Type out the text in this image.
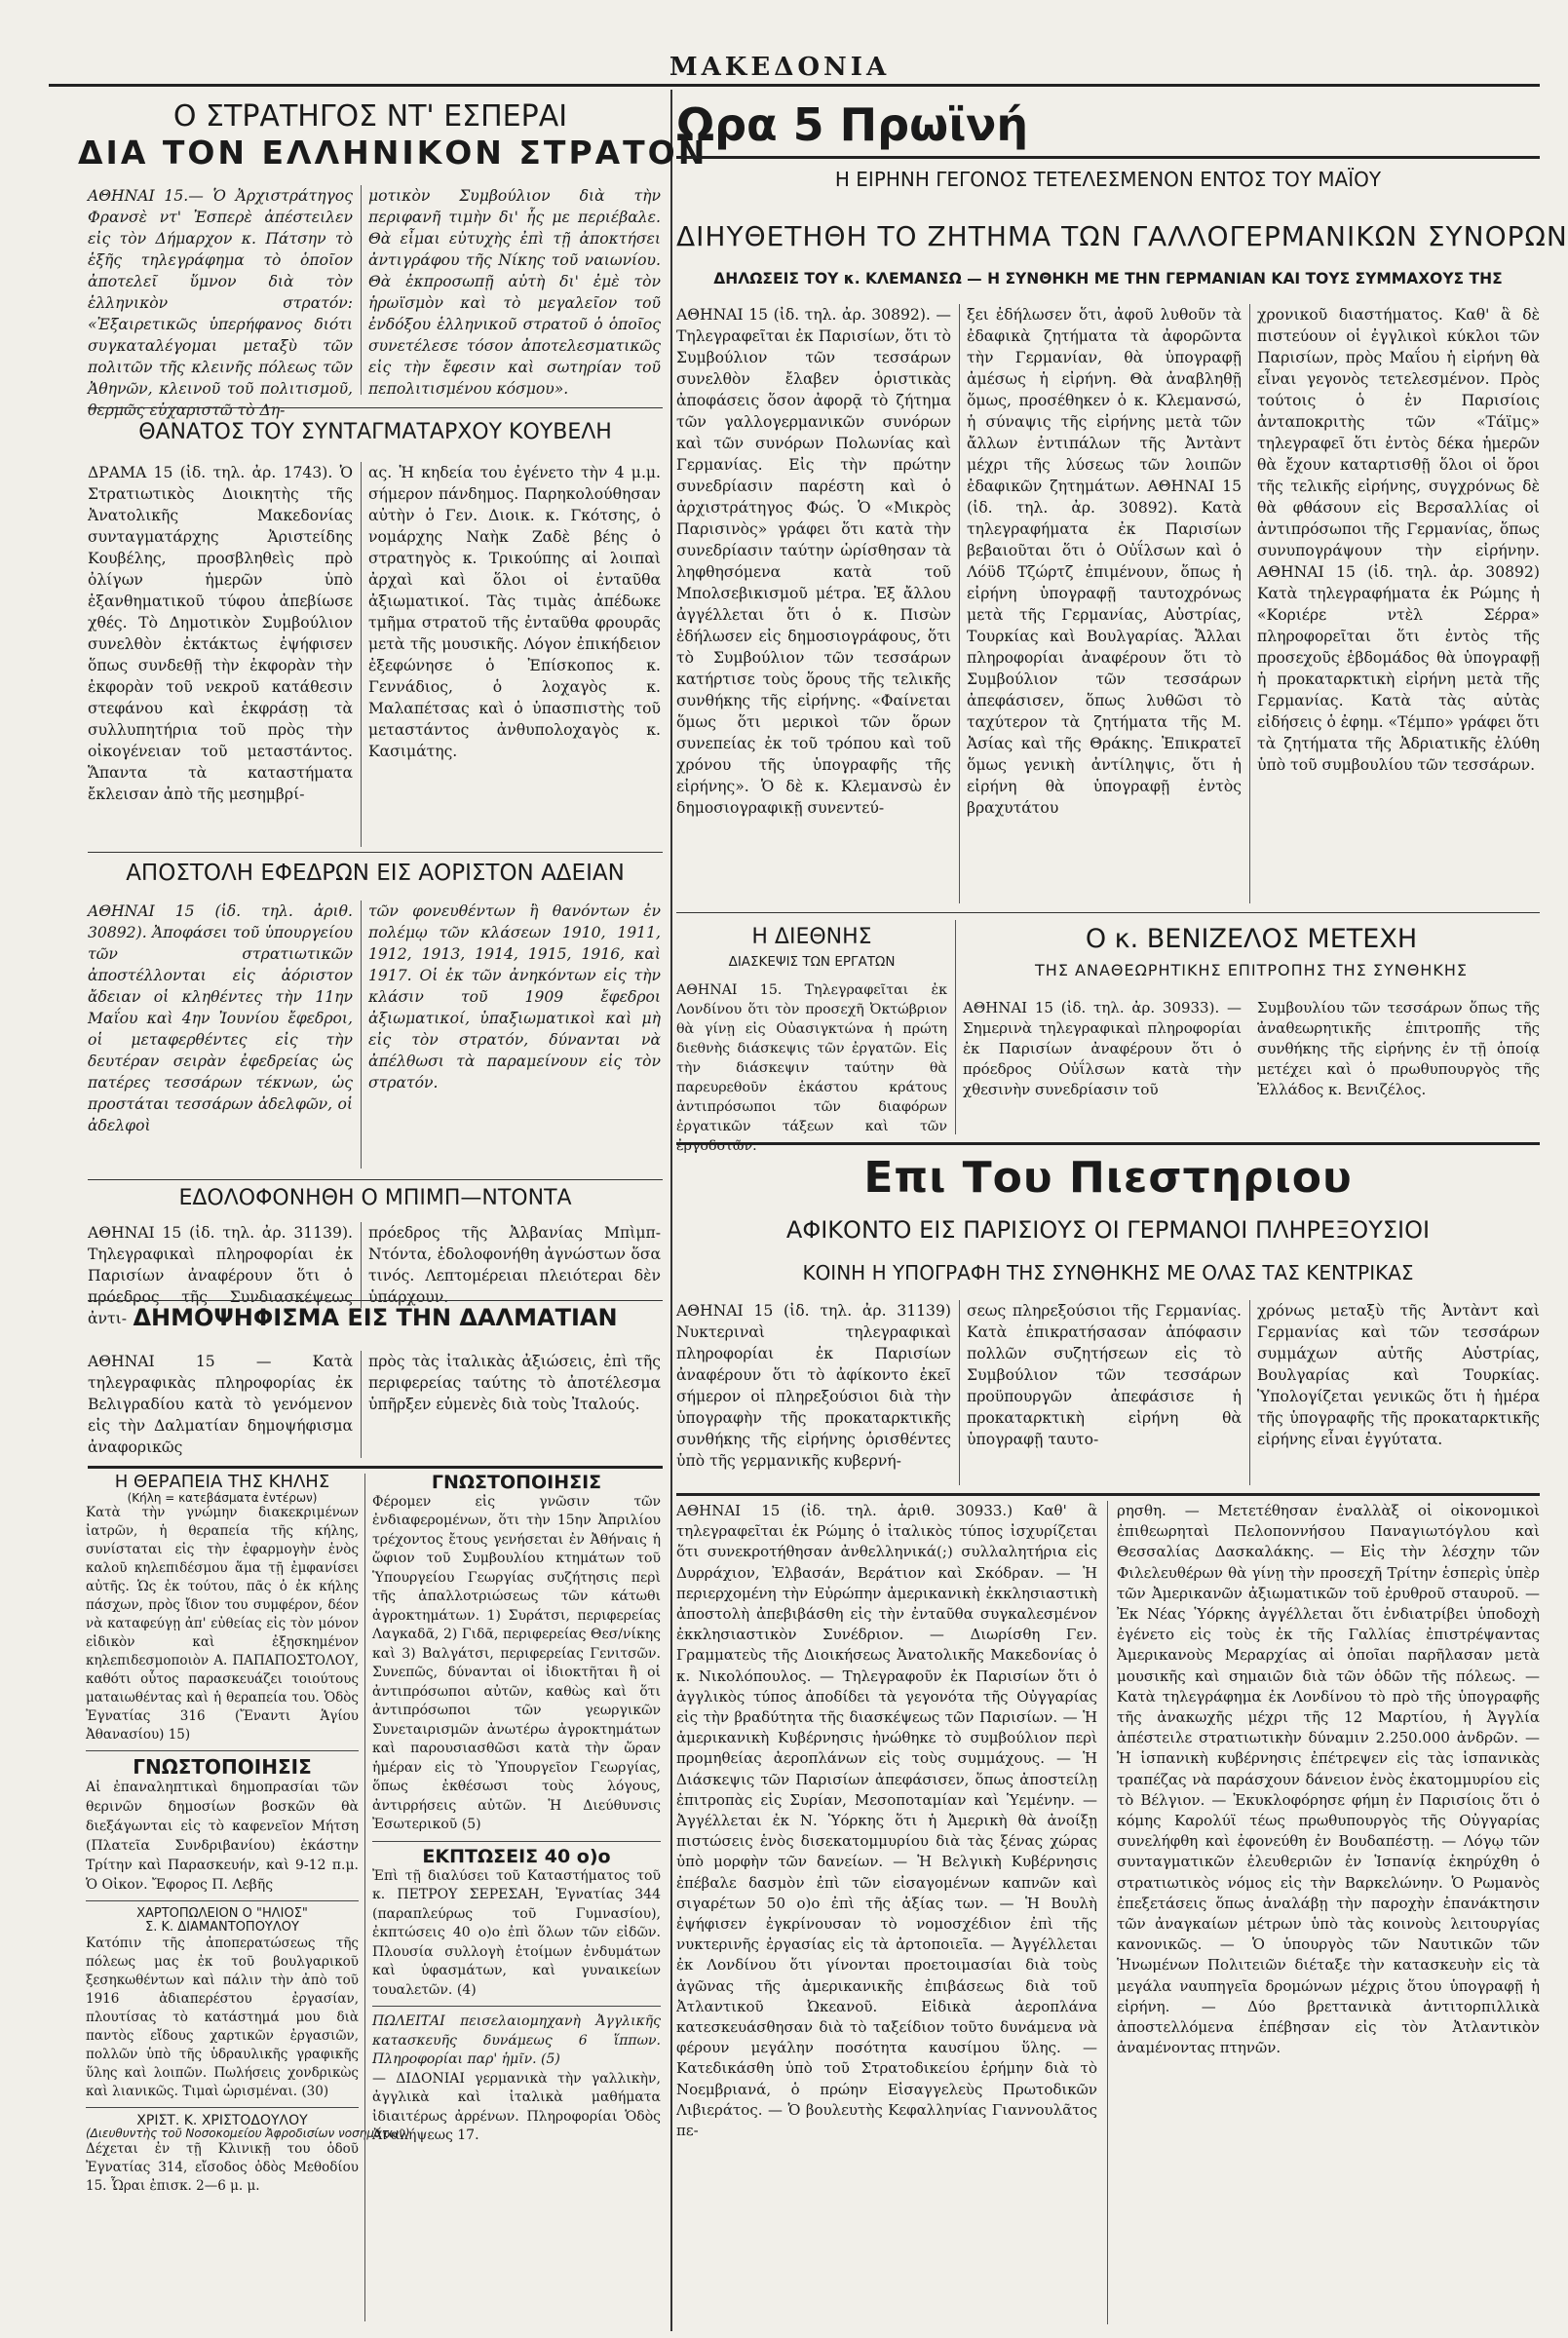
ΜΑΚΕΔΟΝΙΑ
Ο ΣΤΡΑΤΗΓΟΣ ΝΤ' ΕΣΠΕΡΑΙ
ΔΙΑ ΤΟΝ ΕΛΛΗΝΙΚΟΝ ΣΤΡΑΤΟΝ
ΑΘΗΝΑΙ 15.— Ὁ Ἀρχιστράτηγος Φρανσὲ ντ' Ἐσπερὲ ἀπέστειλεν εἰς τὸν Δήμαρχον κ. Πάτσην τὸ ἑξῆς τηλεγράφημα τὸ ὁποῖον ἀποτελεῖ ὕμνον διὰ τὸν ἑλληνικὸν στρατόν: «Ἐξαιρετικῶς ὑπερήφανος διότι συγκαταλέγομαι μεταξὺ τῶν πολιτῶν τῆς κλεινῆς πόλεως τῶν Ἀθηνῶν, κλεινοῦ τοῦ πολιτισμοῦ, θερμῶς εὐχαριστῶ τὸ Δη-
μοτικὸν Συμβούλιον διὰ τὴν περιφανῆ τιμὴν δι' ἧς με περιέβαλε. Θὰ εἶμαι εὐτυχὴς ἐπὶ τῇ ἀποκτήσει ἀντιγράφου τῆς Νίκης τοῦ ναιωνίου. Θὰ ἐκπροσωπῇ αὐτὴ δι' ἐμὲ τὸν ἡρωϊσμὸν καὶ τὸ μεγαλεῖον τοῦ ἐνδόξου ἑλληνικοῦ στρατοῦ ὁ ὁποῖος συνετέλεσε τόσον ἀποτελεσματικῶς εἰς τὴν ἔφεσιν καὶ σωτηρίαν τοῦ πεπολιτισμένου κόσμου».
ΘΑΝΑΤΟΣ ΤΟΥ ΣΥΝΤΑΓΜΑΤΑΡΧΟΥ ΚΟΥΒΕΛΗ
ΔΡΑΜΑ 15 (ἰδ. τηλ. ἀρ. 1743). Ὁ Στρατιωτικὸς Διοικητὴς τῆς Ἀνατολικῆς Μακεδονίας συνταγματάρχης Ἀριστείδης Κουβέλης, προσβληθεὶς πρὸ ὀλίγων ἡμερῶν ὑπὸ ἐξανθηματικοῦ τύφου ἀπεβίωσε χθές. Τὸ Δημοτικὸν Συμβούλιον συνελθὸν ἐκτάκτως ἐψήφισεν ὅπως συνδεθῇ τὴν ἐκφορὰν τὴν ἐκφορὰν τοῦ νεκροῦ κατάθεσιν στεφάνου καὶ ἐκφράσῃ τὰ συλλυπητήρια τοῦ πρὸς τὴν οἰκογένειαν τοῦ μεταστάντος. Ἅπαντα τὰ καταστήματα ἔκλεισαν ἀπὸ τῆς μεσημβρί-
ας. Ἡ κηδεία του ἐγένετο τὴν 4 μ.μ. σήμερον πάνδημος. Παρηκολούθησαν αὐτὴν ὁ Γεν. Διοικ. κ. Γκότσης, ὁ νομάρχης Ναὴκ Ζαδὲ βέης ὁ στρατηγὸς κ. Τρικούπης αἱ λοιπαὶ ἀρχαὶ καὶ ὅλοι οἱ ἐνταῦθα ἀξιωματικοί. Τὰς τιμὰς ἀπέδωκε τμῆμα στρατοῦ τῆς ἐνταῦθα φρουρᾶς μετὰ τῆς μουσικῆς. Λόγον ἐπικήδειον ἐξεφώνησε ὁ Ἐπίσκοπος κ. Γεννάδιος, ὁ λοχαγὸς κ. Μαλαπέτσας καὶ ὁ ὑπασπιστὴς τοῦ μεταστάντος ἀνθυπολοχαγὸς κ. Κασιμάτης.
ΑΠΟΣΤΟΛΗ ΕΦΕΔΡΩΝ ΕΙΣ ΑΟΡΙΣΤΟΝ ΑΔΕΙΑΝ
ΑΘΗΝΑΙ 15 (ἰδ. τηλ. ἀριθ. 30892). Ἀποφάσει τοῦ ὑπουργείου τῶν στρατιωτικῶν ἀποστέλλονται εἰς ἀόριστον ἄδειαν οἱ κληθέντες τὴν 11ην Μαΐου καὶ 4ην Ἰουνίου ἔφεδροι, οἱ μεταφερθέντες εἰς τὴν δευτέραν σειρὰν ἐφεδρείας ὡς πατέρες τεσσάρων τέκνων, ὡς προστάται τεσσάρων ἀδελφῶν, οἱ ἀδελφοὶ
τῶν φονευθέντων ἢ θανόντων ἐν πολέμῳ τῶν κλάσεων 1910, 1911, 1912, 1913, 1914, 1915, 1916, καὶ 1917. Οἱ ἐκ τῶν ἀνηκόντων εἰς τὴν κλάσιν τοῦ 1909 ἔφεδροι ἀξιωματικοί, ὑπαξιωματικοὶ καὶ μὴ εἰς τὸν στρατόν, δύνανται νὰ ἀπέλθωσι τὰ παραμείνουν εἰς τὸν στρατόν.
ΕΔΟΛΟΦΟΝΗΘΗ Ο ΜΠΙΜΠ—ΝΤΟΝΤΑ
ΑΘΗΝΑΙ 15 (ἰδ. τηλ. ἀρ. 31139). Τηλεγραφικαὶ πληροφορίαι ἐκ Παρισίων ἀναφέρουν ὅτι ὁ πρόεδρος τῆς Συνδιασκέψεως ἀντι-
πρόεδρος τῆς Ἀλβανίας Μπὶμπ-Ντόντα, ἐδολοφονήθη ἀγνώστων ὅσα τινός. Λεπτομέρειαι πλειότεραι δὲν ὑπάρχουν.
ΔΗΜΟΨΗΦΙΣΜΑ ΕΙΣ ΤΗΝ ΔΑΛΜΑΤΙΑΝ
ΑΘΗΝΑΙ 15 — Κατὰ τηλεγραφικὰς πληροφορίας ἐκ Βελιγραδίου κατὰ τὸ γενόμενον εἰς τὴν Δαλματίαν δημοψήφισμα ἀναφορικῶς
πρὸς τὰς ἰταλικὰς ἀξιώσεις, ἐπὶ τῆς περιφερείας ταύτης τὸ ἀποτέλεσμα ὑπῆρξεν εὐμενὲς διὰ τοὺς Ἰταλούς.
Η ΘΕΡΑΠΕΙΑ ΤΗΣ ΚΗΛΗΣ
(Κήλη = κατεβάσματα ἐντέρων)
Κατὰ τὴν γνώμην διακεκριμένων ἰατρῶν, ἡ θεραπεία τῆς κήλης, συνίσταται εἰς τὴν ἐφαρμογὴν ἑνὸς καλοῦ κηλεπιδέσμου ἅμα τῇ ἐμφανίσει αὐτῆς. Ὡς ἐκ τούτου, πᾶς ὁ ἐκ κήλης πάσχων, πρὸς ἴδιον του συμφέρον, δέον νὰ καταφεύγῃ ἀπ' εὐθείας εἰς τὸν μόνον εἰδικὸν καὶ ἐξησκημένον κηλεπιδεσμοποιὸν Α. ΠΑΠΑΠΟΣΤΟΛΟΥ, καθότι οὗτος παρασκευάζει τοιούτους ματαιωθέντας καὶ ἡ θεραπεία του. Ὁδὸς Ἐγνατίας 316 (Ἔναντι Ἁγίου Ἀθανασίου) 15)
ΓΝΩΣΤΟΠΟΙΗΣΙΣ
Αἱ ἐπαναληπτικαὶ δημοπρασίαι τῶν θερινῶν δημοσίων βοσκῶν θὰ διεξάγωνται εἰς τὸ καφενεῖον Μήτση (Πλατεῖα Συνδριβανίου) ἐκάστην Τρίτην καὶ Παρασκευήν, καὶ 9-12 π.μ. Ὁ Οἰκον. Ἔφορος Π. Λεβῆς
ΧΑΡΤΟΠΩΛΕΙΟΝ Ο "ΗΛΙΟΣ"
Σ. Κ. ΔΙΑΜΑΝΤΟΠΟΥΛΟΥ
Κατόπιν τῆς ἀποπερατώσεως τῆς πόλεως μας ἐκ τοῦ βουλγαρικοῦ ξεσηκωθέντων καὶ πάλιν τὴν ἀπὸ τοῦ 1916 ἀδιαπερέστου ἐργασίαν, πλουτίσας τὸ κατάστημά μου διὰ παντὸς εἴδους χαρτικῶν ἐργασιῶν, πολλῶν ὑπὸ τῆς ὑδραυλικῆς γραφικῆς ὕλης καὶ λοιπῶν. Πωλήσεις χονδρικὼς καὶ λιανικῶς. Τιμαὶ ὡρισμέναι. (30)
ΧΡΙΣΤ. Κ. ΧΡΙΣΤΟΔΟΥΛΟΥ
(Διευθυντὴς τοῦ Νοσοκομείου Ἀφροδισίων νοσημάτων)
Δέχεται ἐν τῇ Κλινικῇ του ὁδοῦ Ἐγνατίας 314, εἴσοδος ὁδὸς Μεθοδίου 15. Ὧραι ἐπισκ. 2—6 μ. μ.
ΓΝΩΣΤΟΠΟΙΗΣΙΣ
Φέρομεν εἰς γνῶσιν τῶν ἐνδιαφερομένων, ὅτι τὴν 15ην Ἀπριλίου τρέχοντος ἔτους γενήσεται ἐν Ἀθήναις ἡ ὥφιον τοῦ Συμβουλίου κτημάτων τοῦ Ὑπουργείου Γεωργίας συζήτησις περὶ τῆς ἀπαλλοτριώσεως τῶν κάτωθι ἀγροκτημάτων. 1) Συράτσι, περιφερείας Λαγκαδᾶ, 2) Γιδᾶ, περιφερείας Θεσ/νίκης καὶ 3) Βαλγάτσι, περιφερείας Γενιτσῶν. Συνεπῶς, δύνανται οἱ ἰδιοκτῆται ἢ οἱ ἀντιπρόσωποι αὐτῶν, καθὼς καὶ ὅτι ἀντιπρόσωποι τῶν γεωργικῶν Συνεταιρισμῶν ἀνωτέρω ἀγροκτημάτων καὶ παρουσιασθῶσι κατὰ τὴν ὥραν ἡμέραν εἰς τὸ Ὑπουργεῖον Γεωργίας, ὅπως ἐκθέσωσι τοὺς λόγους, ἀντιρρήσεις αὐτῶν. Ἡ Διεύθυνσις Ἐσωτερικοῦ (5)
ΕΚΠΤΩΣΕΙΣ 40 ο)ο
Ἐπὶ τῇ διαλύσει τοῦ Καταστήματος τοῦ κ. ΠΕΤΡΟΥ ΣΕΡΕΣΑΗ, Ἐγνατίας 344 (παραπλεύρως τοῦ Γυμνασίου), ἐκπτώσεις 40 ο)ο ἐπὶ ὅλων τῶν εἰδῶν. Πλουσία συλλογὴ ἑτοίμων ἐνδυμάτων καὶ ὑφασμάτων, καὶ γυναικείων τουαλετῶν. (4)
ΠΩΛΕΙΤΑΙ πεισελαιομηχανὴ Ἀγγλικῆς κατασκευῆς δυνάμεως 6 ἵππων. Πληροφορίαι παρ' ἡμῖν. (5)
— ΔΙΔΟΝΙΑΙ γερμανικὰ τὴν γαλλικὴν, ἀγγλικὰ καὶ ἰταλικὰ μαθήματα ἰδιαιτέρως ἀρρένων. Πληροφορίαι Ὁδὸς Ἀναλήψεως 17.
Ωρα 5 Πρωϊνή
Η ΕΙΡΗΝΗ ΓΕΓΟΝΟΣ ΤΕΤΕΛΕΣΜΕΝΟΝ ΕΝΤΟΣ ΤΟΥ ΜΑΪΟΥ
ΔΙΗΥΘΕΤΗΘΗ ΤΟ ΖΗΤΗΜΑ ΤΩΝ ΓΑΛΛΟΓΕΡΜΑΝΙΚΩΝ ΣΥΝΟΡΩΝ
ΔΗΛΩΣΕΙΣ ΤΟΥ κ. ΚΛΕΜΑΝΣΩ — Η ΣΥΝΘΗΚΗ ΜΕ ΤΗΝ ΓΕΡΜΑΝΙΑΝ ΚΑΙ ΤΟΥΣ ΣΥΜΜΑΧΟΥΣ ΤΗΣ
ΑΘΗΝΑΙ 15 (ἰδ. τηλ. ἀρ. 30892). — Τηλεγραφεῖται ἐκ Παρισίων, ὅτι τὸ Συμβούλιον τῶν τεσσάρων συνελθὸν ἔλαβεν ὁριστικὰς ἀποφάσεις ὅσον ἀφορᾷ τὸ ζήτημα τῶν γαλλογερμανικῶν συνόρων καὶ τῶν συνόρων Πολωνίας καὶ Γερμανίας. Εἰς τὴν πρώτην συνεδρίασιν παρέστη καὶ ὁ ἀρχιστράτηγος Φώς. Ὁ «Μικρὸς Παρισινὸς» γράφει ὅτι κατὰ τὴν συνεδρίασιν ταύτην ὡρίσθησαν τὰ ληφθησόμενα κατὰ τοῦ Μπολσεβικισμοῦ μέτρα. Ἐξ ἄλλου ἀγγέλλεται ὅτι ὁ κ. Πισὼν ἐδήλωσεν εἰς δημοσιογράφους, ὅτι τὸ Συμβούλιον τῶν τεσσάρων κατήρτισε τοὺς ὅρους τῆς τελικῆς συνθήκης τῆς εἰρήνης. «Φαίνεται ὅμως ὅτι μερικοὶ τῶν ὅρων συνεπείας ἐκ τοῦ τρόπου καὶ τοῦ χρόνου τῆς ὑπογραφῆς τῆς εἰρήνης». Ὁ δὲ κ. Κλεμανσὼ ἐν δημοσιογραφικῇ συνεντεύ-
ξει ἐδήλωσεν ὅτι, ἀφοῦ λυθοῦν τὰ ἐδαφικὰ ζητήματα τὰ ἀφορῶντα τὴν Γερμανίαν, θὰ ὑπογραφῇ ἀμέσως ἡ εἰρήνη. Θὰ ἀναβληθῇ ὅμως, προσέθηκεν ὁ κ. Κλεμανσώ, ἡ σύναψις τῆς εἰρήνης μετὰ τῶν ἄλλων ἐντιπάλων τῆς Ἀντὰντ μέχρι τῆς λύσεως τῶν λοιπῶν ἐδαφικῶν ζητημάτων. ΑΘΗΝΑΙ 15 (ἰδ. τηλ. ἀρ. 30892). Κατὰ τηλεγραφήματα ἐκ Παρισίων βεβαιοῦται ὅτι ὁ Οὐΐλσων καὶ ὁ Λόϋδ Τζώρτζ ἐπιμένουν, ὅπως ἡ εἰρήνη ὑπογραφῇ ταυτοχρόνως μετὰ τῆς Γερμανίας, Αὐστρίας, Τουρκίας καὶ Βουλγαρίας. Ἄλλαι πληροφορίαι ἀναφέρουν ὅτι τὸ Συμβούλιον τῶν τεσσάρων ἀπεφάσισεν, ὅπως λυθῶσι τὸ ταχύτερον τὰ ζητήματα τῆς Μ. Ἀσίας καὶ τῆς Θράκης. Ἐπικρατεῖ ὅμως γενικὴ ἀντίληψις, ὅτι ἡ εἰρήνη θὰ ὑπογραφῇ ἐντὸς βραχυτάτου
χρονικοῦ διαστήματος. Καθ' ἃ δὲ πιστεύουν οἱ ἐγγλικοὶ κύκλοι τῶν Παρισίων, πρὸς Μαΐου ἡ εἰρήνη θὰ εἶναι γεγονὸς τετελεσμένον. Πρὸς τούτοις ὁ ἐν Παρισίοις ἀνταποκριτὴς τῶν «Τάϊμς» τηλεγραφεῖ ὅτι ἐντὸς δέκα ἡμερῶν θὰ ἔχουν καταρτισθῇ ὅλοι οἱ ὅροι τῆς τελικῆς εἰρήνης, συγχρόνως δὲ θὰ φθάσουν εἰς Βερσαλλίας οἱ ἀντιπρόσωποι τῆς Γερμανίας, ὅπως συνυπογράψουν τὴν εἰρήνην. ΑΘΗΝΑΙ 15 (ἰδ. τηλ. ἀρ. 30892) Κατὰ τηλεγραφήματα ἐκ Ρώμης ἡ «Κοριέρε ντὲλ Σέρρα» πληροφορεῖται ὅτι ἐντὸς τῆς προσεχοῦς ἑβδομάδος θὰ ὑπογραφῇ ἡ προκαταρκτικὴ εἰρήνη μετὰ τῆς Γερμανίας. Κατὰ τὰς αὐτὰς εἰδήσεις ὁ ἐφημ. «Τέμπο» γράφει ὅτι τὰ ζητήματα τῆς Ἀδριατικῆς ἐλύθη ὑπὸ τοῦ συμβουλίου τῶν τεσσάρων.
Η ΔΙΕΘΝΗΣ
ΔΙΑΣΚΕΨΙΣ ΤΩΝ ΕΡΓΑΤΩΝ
ΑΘΗΝΑΙ 15. Τηλεγραφεῖται ἐκ Λονδίνου ὅτι τὸν προσεχῆ Ὀκτώβριον θὰ γίνῃ εἰς Οὐασιγκτώνα ἡ πρώτη διεθνὴς διάσκεψις τῶν ἐργατῶν. Εἰς τὴν διάσκεψιν ταύτην θὰ παρευρεθοῦν ἑκάστου κράτους ἀντιπρόσωποι τῶν διαφόρων ἐργατικῶν τάξεων καὶ τῶν ἐργοδοτῶν.
Ο κ. ΒΕΝΙΖΕΛΟΣ ΜΕΤΕΧΗ
ΤΗΣ ΑΝΑΘΕΩΡΗΤΙΚΗΣ ΕΠΙΤΡΟΠΗΣ ΤΗΣ ΣΥΝΘΗΚΗΣ
ΑΘΗΝΑΙ 15 (ἰδ. τηλ. ἀρ. 30933). — Σημερινὰ τηλεγραφικαὶ πληροφορίαι ἐκ Παρισίων ἀναφέρουν ὅτι ὁ πρόεδρος Οὐΐλσων κατὰ τὴν χθεσινὴν συνεδρίασιν τοῦ
Συμβουλίου τῶν τεσσάρων ὅπως τῆς ἀναθεωρητικῆς ἐπιτροπῆς τῆς συνθήκης τῆς εἰρήνης ἐν τῇ ὁποίᾳ μετέχει καὶ ὁ πρωθυπουργὸς τῆς Ἑλλάδος κ. Βενιζέλος.
Επι Του Πιεστηριου
ΑΦΙΚΟΝΤΟ ΕΙΣ ΠΑΡΙΣΙΟΥΣ ΟΙ ΓΕΡΜΑΝΟΙ ΠΛΗΡΕΞΟΥΣΙΟΙ
ΚΟΙΝΗ Η ΥΠΟΓΡΑΦΗ ΤΗΣ ΣΥΝΘΗΚΗΣ ΜΕ ΟΛΑΣ ΤΑΣ ΚΕΝΤΡΙΚΑΣ
ΑΘΗΝΑΙ 15 (ἰδ. τηλ. ἀρ. 31139) Νυκτεριναὶ τηλεγραφικαὶ πληροφορίαι ἐκ Παρισίων ἀναφέρουν ὅτι τὸ ἀφίκοντο ἐκεῖ σήμερον οἱ πληρεξούσιοι διὰ τὴν ὑπογραφὴν τῆς προκαταρκτικῆς συνθήκης τῆς εἰρήνης ὁρισθέντες ὑπὸ τῆς γερμανικῆς κυβερνή-
σεως πληρεξούσιοι τῆς Γερμανίας. Κατὰ ἐπικρατήσασαν ἀπόφασιν πολλῶν συζητήσεων εἰς τὸ Συμβούλιον τῶν τεσσάρων προϋπουργῶν ἀπεφάσισε ἡ προκαταρκτικὴ εἰρήνη θὰ ὑπογραφῇ ταυτο-
χρόνως μεταξὺ τῆς Ἀντὰντ καὶ Γερμανίας καὶ τῶν τεσσάρων συμμάχων αὐτῆς Αὐστρίας, Βουλγαρίας καὶ Τουρκίας. Ὑπολογίζεται γενικῶς ὅτι ἡ ἡμέρα τῆς ὑπογραφῆς τῆς προκαταρκτικῆς εἰρήνης εἶναι ἐγγύτατα.
ΑΘΗΝΑΙ 15 (ἰδ. τηλ. ἀριθ. 30933.) Καθ' ἃ τηλεγραφεῖται ἐκ Ρώμης ὁ ἰταλικὸς τύπος ἰσχυρίζεται ὅτι συνεκροτήθησαν ἀνθελληνικά(;) συλλαλητήρια εἰς Δυρράχιον, Ἐλβασάν, Βεράτιον καὶ Σκόδραν. — Ἡ περιερχομένη τὴν Εὐρώπην ἀμερικανικὴ ἐκκλησιαστικὴ ἀποστολὴ ἀπεβιβάσθη εἰς τὴν ἐνταῦθα συγκαλεσμένον ἐκκλησιαστικὸν Συνέδριον. — Διωρίσθη Γεν. Γραμματεὺς τῆς Διοικήσεως Ἀνατολικῆς Μακεδονίας ὁ κ. Νικολόπουλος. — Τηλεγραφοῦν ἐκ Παρισίων ὅτι ὁ ἀγγλικὸς τύπος ἀποδίδει τὰ γεγονότα τῆς Οὐγγαρίας εἰς τὴν βραδύτητα τῆς διασκέψεως τῶν Παρισίων. — Ἡ ἀμερικανικὴ Κυβέρνησις ἠνώθηκε τὸ συμβούλιον περὶ προμηθείας ἀεροπλάνων εἰς τοὺς συμμάχους. — Ἡ Διάσκεψις τῶν Παρισίων ἀπεφάσισεν, ὅπως ἀποστείλῃ ἐπιτροπὰς εἰς Συρίαν, Μεσοποταμίαν καὶ Ὑεμένην. — Ἀγγέλλεται ἐκ Ν. Ὑόρκης ὅτι ἡ Ἀμερικὴ θὰ ἀνοίξῃ πιστώσεις ἑνὸς δισεκατομμυρίου διὰ τὰς ξένας χώρας ὑπὸ μορφὴν τῶν δανείων. — Ἡ Βελγικὴ Κυβέρνησις ἐπέβαλε δασμὸν ἐπὶ τῶν εἰσαγομένων καπνῶν καὶ σιγαρέτων 50 ο)ο ἐπὶ τῆς ἀξίας των. — Ἡ Βουλὴ ἐψήφισεν ἐγκρίνουσαν τὸ νομοσχέδιον ἐπὶ τῆς νυκτερινῆς ἐργασίας εἰς τὰ ἀρτοποιεῖα. — Ἀγγέλλεται ἐκ Λονδίνου ὅτι γίνονται προετοιμασίαι διὰ τοὺς ἀγῶνας τῆς ἀμερικανικῆς ἐπιβάσεως διὰ τοῦ Ἀτλαντικοῦ Ὠκεανοῦ. Εἰδικὰ ἀεροπλάνα κατεσκευάσθησαν διὰ τὸ ταξείδιον τοῦτο δυνάμενα νὰ φέρουν μεγάλην ποσότητα καυσίμου ὕλης. — Κατεδικάσθη ὑπὸ τοῦ Στρατοδικείου ἐρήμην διὰ τὸ Νοεμβριανά, ὁ πρώην Εἰσαγγελεὺς Πρωτοδικῶν Λιβιεράτος. — Ὁ βουλευτὴς Κεφαλληνίας Γιαννουλᾶτος πε-
ρησθη. — Μετετέθησαν ἐναλλὰξ οἱ οἰκονομικοὶ ἐπιθεωρηταὶ Πελοποννήσου Παναγιωτόγλου καὶ Θεσσαλίας Δασκαλάκης. — Εἰς τὴν λέσχην τῶν Φιλελευθέρων θὰ γίνῃ τὴν προσεχῆ Τρίτην ἑσπερὶς ὑπὲρ τῶν Ἀμερικανῶν ἀξιωματικῶν τοῦ ἐρυθροῦ σταυροῦ. — Ἐκ Νέας Ὑόρκης ἀγγέλλεται ὅτι ἐνδιατρίβει ὑποδοχὴ ἐγένετο εἰς τοὺς ἐκ τῆς Γαλλίας ἐπιστρέψαντας Ἀμερικανοὺς Μεραρχίας αἱ ὁποῖαι παρῆλασαν μετὰ μουσικῆς καὶ σημαιῶν διὰ τῶν ὁδῶν τῆς πόλεως. — Κατὰ τηλεγράφημα ἐκ Λονδίνου τὸ πρὸ τῆς ὑπογραφῆς τῆς ἀνακωχῆς μέχρι τῆς 12 Μαρτίου, ἡ Ἀγγλία ἀπέστειλε στρατιωτικὴν δύναμιν 2.250.000 ἀνδρῶν. — Ἡ ἱσπανικὴ κυβέρνησις ἐπέτρεψεν εἰς τὰς ἱσπανικὰς τραπέζας νὰ παράσχουν δάνειον ἑνὸς ἑκατομμυρίου εἰς τὸ Βέλγιον. — Ἐκυκλοφόρησε φήμη ἐν Παρισίοις ὅτι ὁ κόμης Καρολύϊ τέως πρωθυπουργὸς τῆς Οὐγγαρίας συνελήφθη καὶ ἐφονεύθη ἐν Βουδαπέστῃ. — Λόγῳ τῶν συνταγματικῶν ἐλευθεριῶν ἐν Ἱσπανίᾳ ἐκηρύχθη ὁ στρατιωτικὸς νόμος εἰς τὴν Βαρκελώνην. Ὁ Ρωμανὸς ἐπεξετάσεις ὅπως ἀναλάβῃ τὴν παροχὴν ἐπανάκτησιν τῶν ἀναγκαίων μέτρων ὑπὸ τὰς κοινοὺς λειτουργίας κανονικῶς. — Ὁ ὑπουργὸς τῶν Ναυτικῶν τῶν Ἡνωμένων Πολιτειῶν διέταξε τὴν κατασκευὴν εἰς τὰ μεγάλα ναυπηγεῖα δρομώνων μέχρις ὅτου ὑπογραφῇ ἡ εἰρήνη. — Δύο βρεττανικὰ ἀντιτορπιλλικὰ ἀποστελλόμενα ἐπέβησαν εἰς τὸν Ἀτλαντικὸν ἀναμένοντας πτηνῶν.
